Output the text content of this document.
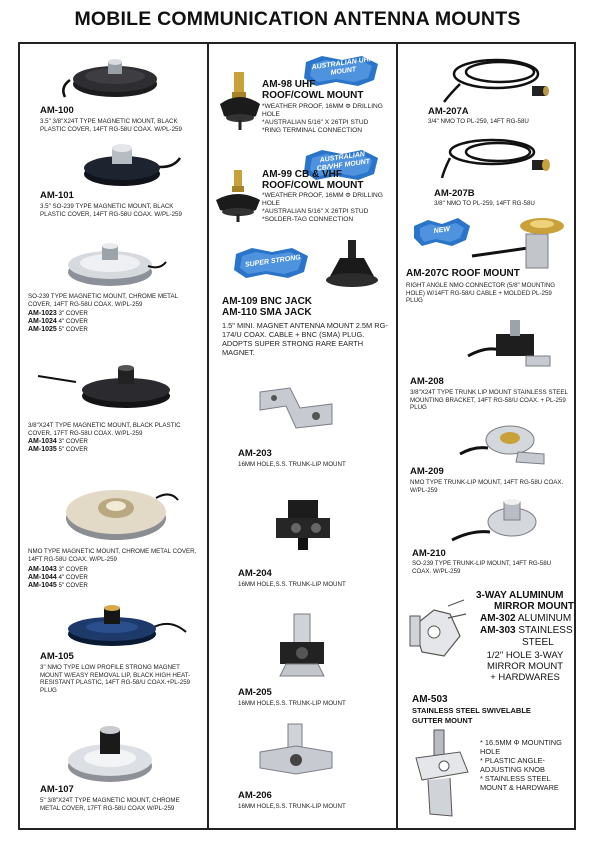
MOBILE COMMUNICATION ANTENNA MOUNTS
AM-100
3.5" 3/8"X24T TYPE MAGNETIC MOUNT, BLACK PLASTIC COVER, 14FT RG-58U COAX. W/PL-259
AM-101
3.5" SO-239 TYPE MAGNETIC MOUNT, BLACK PLASTIC COVER, 14FT RG-58U COAX. W/PL-259
SO-239 TYPE MAGNETIC MOUNT, CHROME METAL COVER, 14FT RG-58U COAX. W/PL-259
AM-1023 3" COVER
AM-1024 4" COVER
AM-1025 5" COVER
3/8"X24T TYPE MAGNETIC MOUNT, BLACK PLASTIC COVER, 17FT RG-58U COAX. W/PL-259
AM-1034 3" COVER
AM-1035 5" COVER
NMO TYPE MAGNETIC MOUNT, CHROME METAL COVER, 14FT RG-58U COAX. W/PL-259
AM-1043 3" COVER
AM-1044 4" COVER
AM-1045 5" COVER
AM-105
3" NMO TYPE LOW PROFILE STRONG MAGNET MOUNT W/EASY REMOVAL LIP, BLACK HIGH HEAT-RESISTANT PLASTIC, 14FT RG-58/U COAX.+PL-259 PLUG
AM-107
5" 3/8"X24T TYPE MAGNETIC MOUNT, CHROME METAL COVER, 17FT RG-58U COAX W/PL-259
AUSTRALIAN UHF MOUNT
AM-98 UHF
ROOF/COWL MOUNT
*WEATHER PROOF, 16MM Φ DRILLING HOLE
*AUSTRALIAN 5/16" X 26TPI STUD
*RING TERMINAL CONNECTION
AUSTRALIAN CB/VHF MOUNT
AM-99 CB & VHF
ROOF/COWL MOUNT
*WEATHER PROOF, 16MM Φ DRILLING HOLE
*AUSTRALIAN 5/16" X 26TPI STUD
*SOLDER-TAG CONNECTION
SUPER STRONG
AM-109 BNC JACK
AM-110 SMA JACK
1.5" MINI. MAGNET ANTENNA MOUNT 2.5M RG-174/U COAX. CABLE + BNC (SMA) PLUG. ADOPTS SUPER STRONG RARE EARTH MAGNET.
AM-203
16MM HOLE,S.S. TRUNK-LIP MOUNT
AM-204
16MM HOLE,S.S. TRUNK-LIP MOUNT
AM-205
16MM HOLE,S.S. TRUNK-LIP MOUNT
AM-206
16MM HOLE,S.S. TRUNK-LIP MOUNT
AM-207A
3/4" NMO TO PL-259, 14FT RG-58U
AM-207B
3/8" NMO TO PL-259, 14FT RG-58U
NEW
AM-207C ROOF MOUNT
RIGHT ANGLE NMO CONNECTOR (5/8" MOUNTING HOLE) W/14FT RG-58/U CABLE + MOLDED PL-259 PLUG
AM-208
3/8"X24T TYPE TRUNK LIP MOUNT STAINLESS STEEL MOUNTING BRACKET, 14FT RG-58/U COAX. + PL-259 PLUG
AM-209
NMO TYPE TRUNK-LIP MOUNT, 14FT RG-58U COAX. W/PL-259
AM-210
SO-239 TYPE TRUNK-LIP MOUNT, 14FT RG-58U COAX. W/PL-259
3-WAY ALUMINUM
MIRROR MOUNT
AM-302 ALUMINUM
AM-303 STAINLESS
STEEL
1/2" HOLE 3-WAY
MIRROR MOUNT
+ HARDWARES
AM-503
STAINLESS STEEL SWIVELABLE
GUTTER MOUNT
* 16.5MM Φ MOUNTING HOLE
* PLASTIC ANGLE-ADJUSTING KNOB
* STAINLESS STEEL MOUNT & HARDWARE
